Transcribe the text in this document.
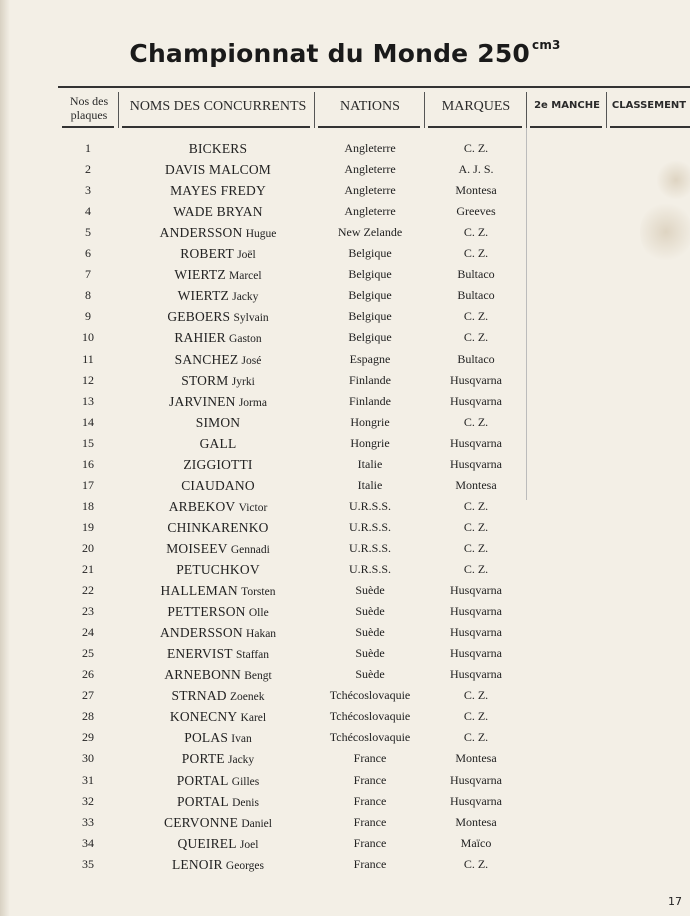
Championnat du Monde 250 $^{cm3}$
Nos des plaques
NOMS DES CONCURRENTS	NATIONS	MARQUES	2e MANCHE	CLASSEMENT
1	BICKERS	Angleterre	C. Z.
2	DAVIS MALCOM	Angleterre	A. J. S.
3	MAYES FREDY	Angleterre	Montesa
4	WADE BRYAN	Angleterre	Greeves
5	ANDERSSON Hugue	New Zelande	C. Z.
6	ROBERT Joël	Belgique	C. Z.
7	WIERTZ Marcel	Belgique	Bultaco
8	WIERTZ Jacky	Belgique	Bultaco
9	GEBOERS Sylvain	Belgique	C. Z.
10	RAHIER Gaston	Belgique	C. Z.
11	SANCHEZ José	Espagne	Bultaco
12	STORM Jyrki	Finlande	Husqvarna
13	JARVINEN Jorma	Finlande	Husqvarna
14	SIMON	Hongrie	C. Z.
15	GALL	Hongrie	Husqvarna
16	ZIGGIOTTI	Italie	Husqvarna
17	CIAUDANO	Italie	Montesa
18	ARBEKOV Victor	U.R.S.S.	C. Z.
19	CHINKARENKO	U.R.S.S.	C. Z.
20	MOISEEV Gennadi	U.R.S.S.	C. Z.
21	PETUCHKOV	U.R.S.S.	C. Z.
22	HALLEMAN Torsten	Suède	Husqvarna
23	PETTERSON Olle	Suède	Husqvarna
24	ANDERSSON Hakan	Suède	Husqvarna
25	ENERVIST Staffan	Suède	Husqvarna
26	ARNEBONN Bengt	Suède	Husqvarna
27	STRNAD Zoenek	Tchécoslovaquie	C. Z.
28	KONECNY Karel	Tchécoslovaquie	C. Z.
29	POLAS Ivan	Tchécoslovaquie	C. Z.
30	PORTE Jacky	France	Montesa
31	PORTAL Gilles	France	Husqvarna
32	PORTAL Denis	France	Husqvarna
33	CERVONNE Daniel	France	Montesa
34	QUEIREL Joel	France	Maïco
35	LENOIR Georges	France	C. Z.
17
